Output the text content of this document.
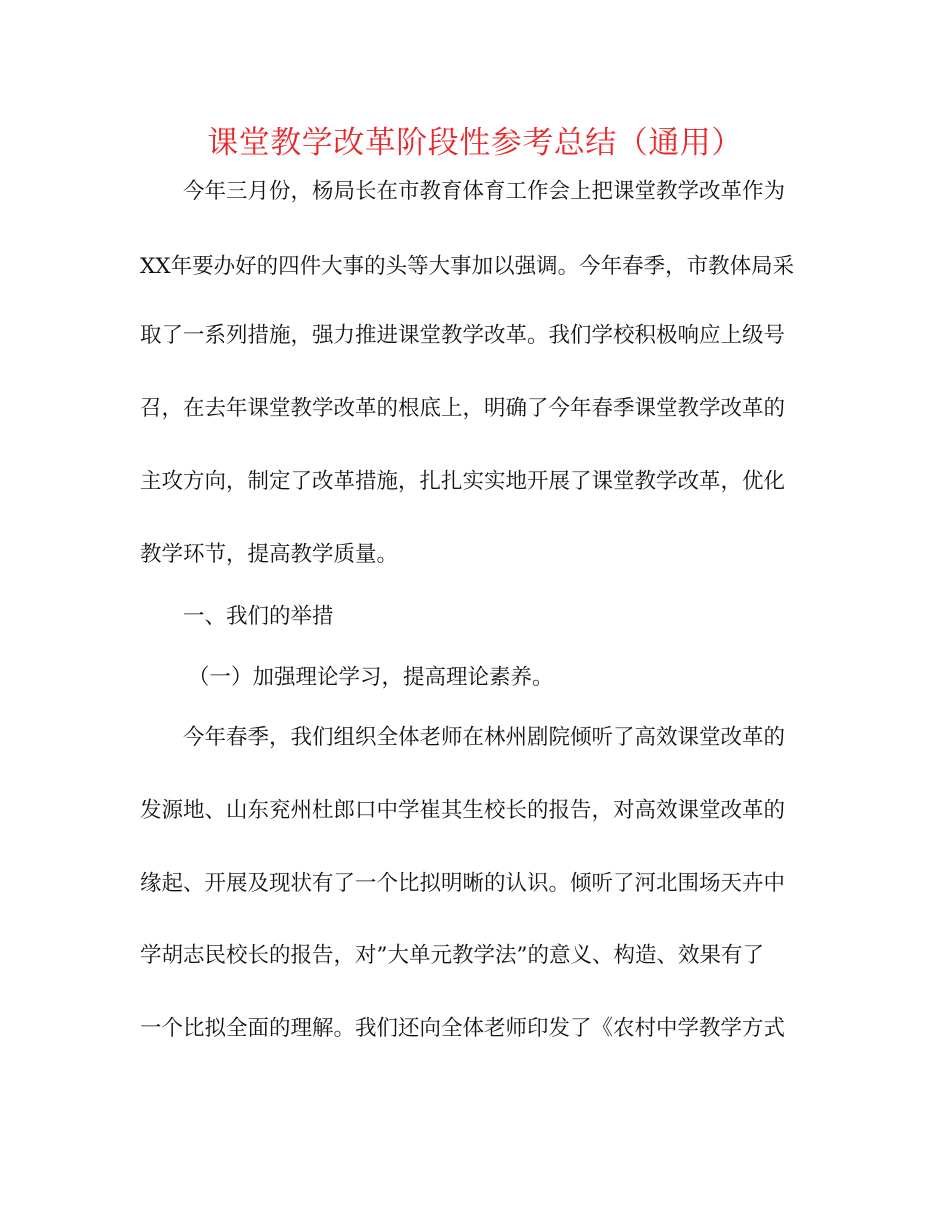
课堂教学改革阶段性参考总结（通用）
今年三月份，杨局长在市教育体育工作会上把课堂教学改革作为
XX年要办好的四件大事的头等大事加以强调。今年春季，市教体局采
取了一系列措施，强力推进课堂教学改革。我们学校积极响应上级号
召，在去年课堂教学改革的根底上，明确了今年春季课堂教学改革的
主攻方向，制定了改革措施，扎扎实实地开展了课堂教学改革，优化
教学环节，提高教学质量。
一、我们的举措
（一）加强理论学习，提高理论素养。
今年春季，我们组织全体老师在林州剧院倾听了高效课堂改革的
发源地、山东兖州杜郎口中学崔其生校长的报告，对高效课堂改革的
缘起、开展及现状有了一个比拟明晰的认识。倾听了河北围场天卉中
学胡志民校长的报告，对”大单元教学法”的意义、构造、效果有了
一个比拟全面的理解。我们还向全体老师印发了《农村中学教学方式
